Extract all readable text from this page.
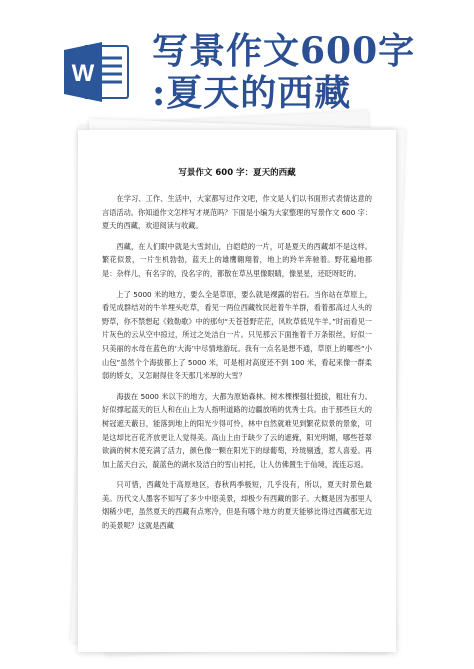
W
写景作文600字
:夏天的西藏
写景作文 600 字：夏天的西藏

在学习、工作、生活中，大家都写过作文吧，作文是人们以书面形式表情达意的言语活动。你知道作文怎样写才规范吗？下面是小编为大家整理的写景作文 600 字：夏天的西藏，欢迎阅读与收藏。

西藏，在人们眼中就是大雪封山，白皑皑的一片，可是夏天的西藏却不是这样。繁花似景，一片生机勃勃，蓝天上的雄鹰翱翔着，地上的羚羊奔驰着。野花遍地都是：杂样儿，有名字的，没名字的，都散在草丛里像眼睛，像星星，还眨呀眨的。

上了 5000 米的地方，要么全是草原，要么就是裸露的岩石。当你站在草原上，看见成群结对的牛羊埋头吃草，看见一两位西藏牧民赶着牛羊群，看着那高过人头的野草，你不禁想起《敕勒歌》中的那句“天苍苍野茫茫，风吹草低见牛羊。”时而看见一片灰色的云从空中掠过，所过之处洁白一片。只见那云下面拖着千万条银丝，好似一只美丽的水母在蓝色的‘大海’中尽情地游玩。我有一点名是想不通，草原上的哪些“小山包”虽然个个海拔都上了 5000 米，可是相对高度还不到 100 米，看起来像一群柔弱的娇女，又怎耐得住冬天那几米厚的大雪？

海拔在 5000 米以下的地方，大都为原始森林。树木棵棵强壮挺拔，粗壮有力。好似撑起蓝天的巨人和在山上为人指明道路的边疆放哨的优秀士兵。由于那些巨大的树冠遮天蔽日，能落到地上的阳光少得可怜，林中自然就难见到繁花似景的景象，可是这却比百花齐放更让人觉得美。高山上由于缺少了云的遮掩，阳光明媚，哪些苍翠欲滴的树木使充满了活力，颜色像一颗在阳光下的绿葡萄，玲珑剔透，惹人喜爱。再加上蓝天白云，靛蓝色的湖水及洁白的雪山衬托，让人仿佛置生于仙境，流连忘返。

只可惜，西藏处于高原地区，春秋两季极短，几乎没有，所以，夏天时景色最美。历代文人墨客不知写了多少中原美景，却极少有西藏的影子。大概是因为那里人烟稀少吧，虽然夏天的西藏有点寒冷，但是有哪个地方的夏天能够比得过西藏那无边的美景呢？这就是西藏
